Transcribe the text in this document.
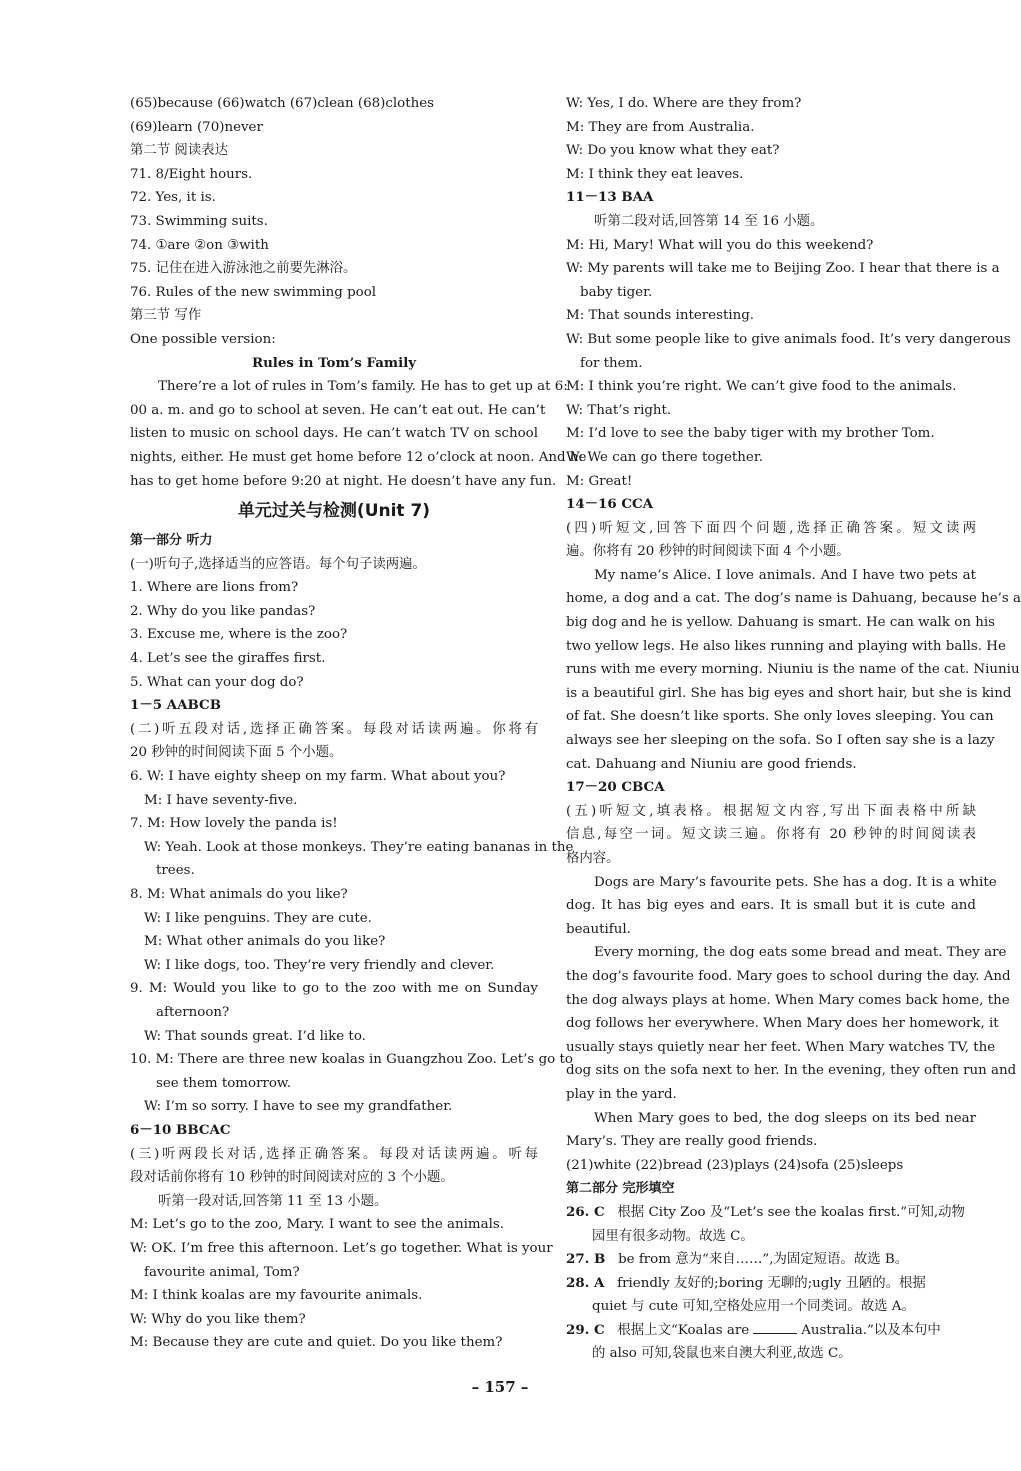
(65)because (66)watch (67)clean (68)clothes
(69)learn (70)never
第二节 阅读表达
71. 8/Eight hours.
72. Yes, it is.
73. Swimming suits.
74. ①are ②on ③with
75. 记住在进入游泳池之前要先淋浴。
76. Rules of the new swimming pool
第三节 写作
One possible version:
Rules in Tom’s Family
There’re a lot of rules in Tom’s family. He has to get up at 6:
00 a. m. and go to school at seven. He can’t eat out. He can’t
listen to music on school days. He can’t watch TV on school
nights, either. He must get home before 12 o’clock at noon. And he
has to get home before 9:20 at night. He doesn’t have any fun.
单元过关与检测(Unit 7)
第一部分 听力
(一)听句子,选择适当的应答语。每个句子读两遍。
1. Where are lions from?
2. Why do you like pandas?
3. Excuse me, where is the zoo?
4. Let’s see the giraffes first.
5. What can your dog do?
1－5 AABCB
(二)听五段对话,选择正确答案。每段对话读两遍。你将有
20 秒钟的时间阅读下面 5 个小题。
6. W: I have eighty sheep on my farm. What about you?
M: I have seventy-five.
7. M: How lovely the panda is!
W: Yeah. Look at those monkeys. They’re eating bananas in the
trees.
8. M: What animals do you like?
W: I like penguins. They are cute.
M: What other animals do you like?
W: I like dogs, too. They’re very friendly and clever.
9. M: Would you like to go to the zoo with me on Sunday
afternoon?
W: That sounds great. I’d like to.
10. M: There are three new koalas in Guangzhou Zoo. Let’s go to
see them tomorrow.
W: I’m so sorry. I have to see my grandfather.
6－10 BBCAC
(三)听两段长对话,选择正确答案。每段对话读两遍。听每
段对话前你将有 10 秒钟的时间阅读对应的 3 个小题。
听第一段对话,回答第 11 至 13 小题。
M: Let’s go to the zoo, Mary. I want to see the animals.
W: OK. I’m free this afternoon. Let’s go together. What is your
favourite animal, Tom?
M: I think koalas are my favourite animals.
W: Why do you like them?
M: Because they are cute and quiet. Do you like them?
W: Yes, I do. Where are they from?
M: They are from Australia.
W: Do you know what they eat?
M: I think they eat leaves.
11－13 BAA
听第二段对话,回答第 14 至 16 小题。
M: Hi, Mary! What will you do this weekend?
W: My parents will take me to Beijing Zoo. I hear that there is a
baby tiger.
M: That sounds interesting.
W: But some people like to give animals food. It’s very dangerous
for them.
M: I think you’re right. We can’t give food to the animals.
W: That’s right.
M: I’d love to see the baby tiger with my brother Tom.
W: We can go there together.
M: Great!
14－16 CCA
(四)听短文,回答下面四个问题,选择正确答案。短文读两
遍。你将有 20 秒钟的时间阅读下面 4 个小题。
My name’s Alice. I love animals. And I have two pets at
home, a dog and a cat. The dog’s name is Dahuang, because he’s a
big dog and he is yellow. Dahuang is smart. He can walk on his
two yellow legs. He also likes running and playing with balls. He
runs with me every morning. Niuniu is the name of the cat. Niuniu
is a beautiful girl. She has big eyes and short hair, but she is kind
of fat. She doesn’t like sports. She only loves sleeping. You can
always see her sleeping on the sofa. So I often say she is a lazy
cat. Dahuang and Niuniu are good friends.
17－20 CBCA
(五)听短文,填表格。根据短文内容,写出下面表格中所缺
信息,每空一词。短文读三遍。你将有 20 秒钟的时间阅读表
格内容。
Dogs are Mary’s favourite pets. She has a dog. It is a white
dog. It has big eyes and ears. It is small but it is cute and
beautiful.
Every morning, the dog eats some bread and meat. They are
the dog’s favourite food. Mary goes to school during the day. And
the dog always plays at home. When Mary comes back home, the
dog follows her everywhere. When Mary does her homework, it
usually stays quietly near her feet. When Mary watches TV, the
dog sits on the sofa next to her. In the evening, they often run and
play in the yard.
When Mary goes to bed, the dog sleeps on its bed near
Mary’s. They are really good friends.
(21)white (22)bread (23)plays (24)sofa (25)sleeps
第二部分 完形填空
26. C 根据 City Zoo 及“Let’s see the koalas first.”可知,动物
园里有很多动物。故选 C。
27. B be from 意为“来自……”,为固定短语。故选 B。
28. A friendly 友好的;boring 无聊的;ugly 丑陋的。根据
quiet 与 cute 可知,空格处应用一个同类词。故选 A。
29. C 根据上文“Koalas are	Australia.”以及本句中
的 also 可知,袋鼠也来自澳大利亚,故选 C。
– 157 –
